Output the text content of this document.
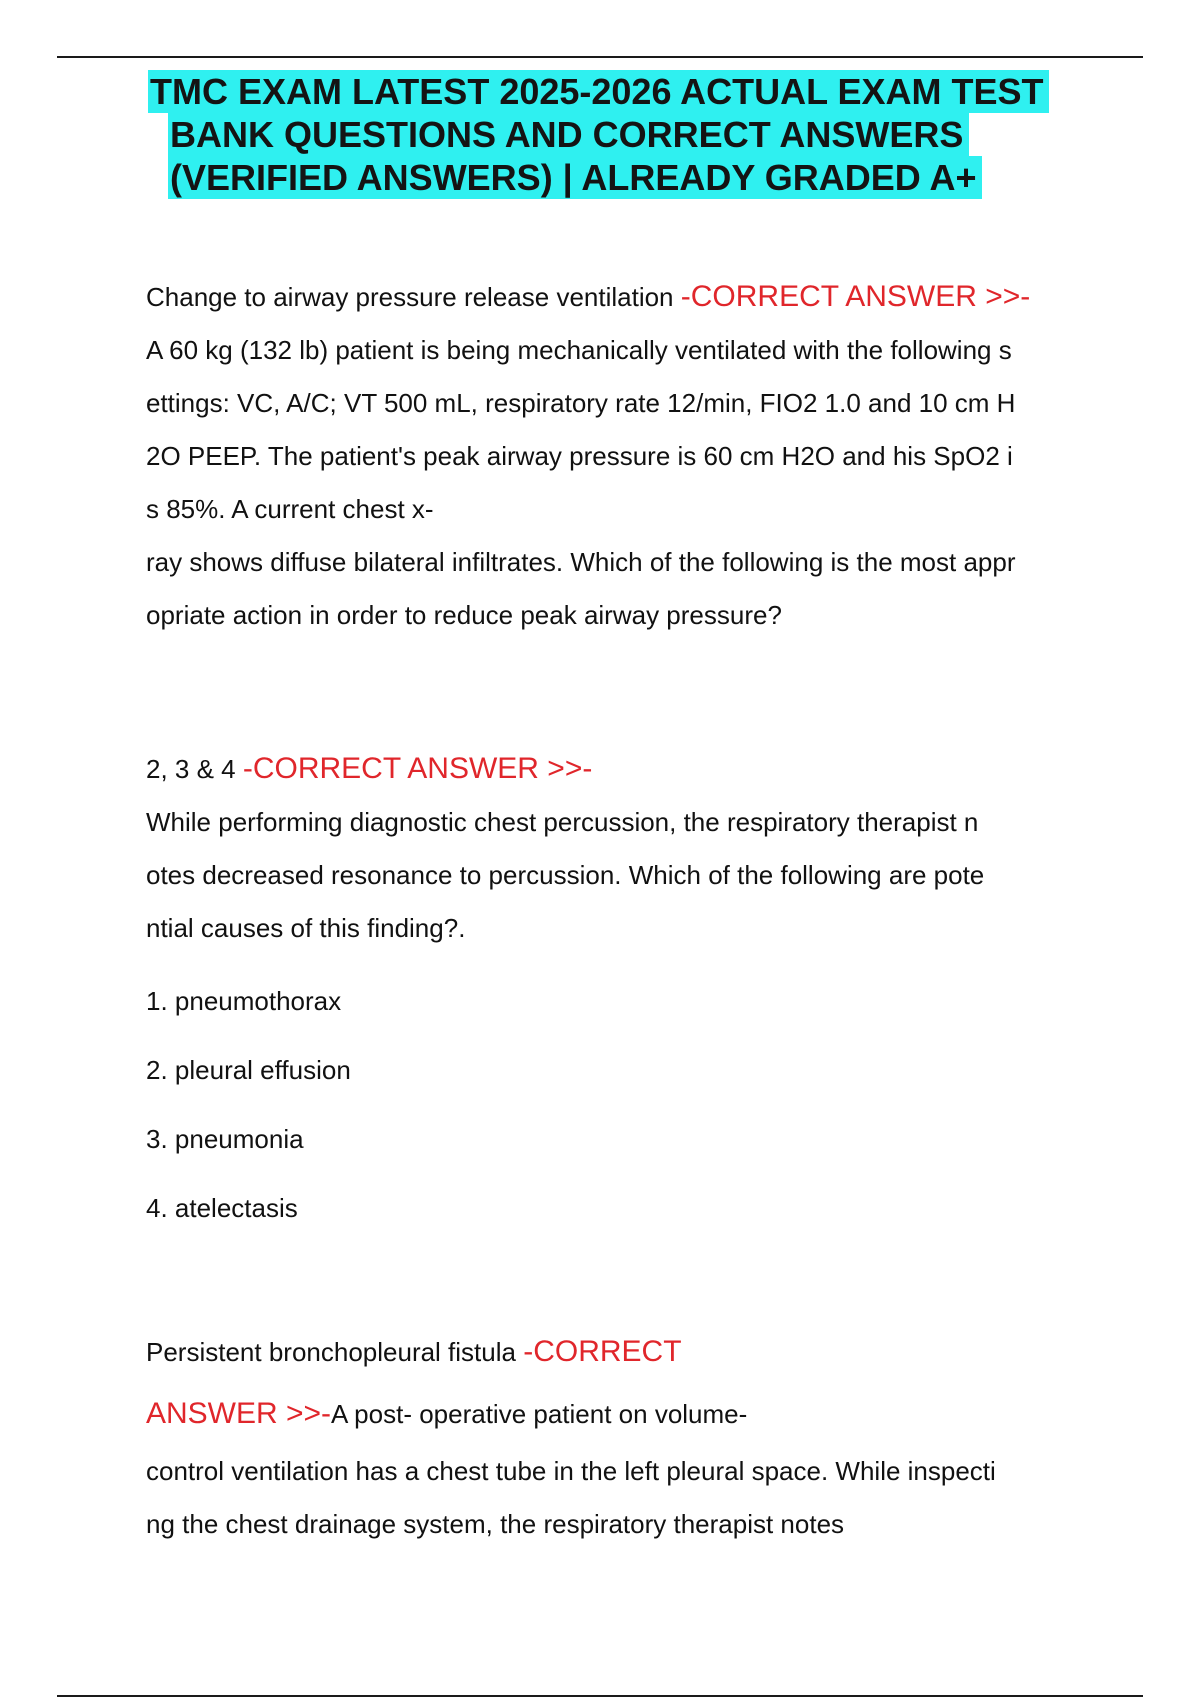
TMC EXAM LATEST 2025-2026 ACTUAL EXAM TEST
BANK QUESTIONS AND CORRECT ANSWERS
(VERIFIED ANSWERS) | ALREADY GRADED A+
Change to airway pressure release ventilation -CORRECT ANSWER >>-
A 60 kg (132 lb) patient is being mechanically ventilated with the following s
ettings: VC, A/C; VT 500 mL, respiratory rate 12/min, FIO2 1.0 and 10 cm H
2O PEEP. The patient's peak airway pressure is 60 cm H2O and his SpO2 i
s 85%. A current chest x-
ray shows diffuse bilateral infiltrates. Which of the following is the most appr
opriate action in order to reduce peak airway pressure?
2, 3 & 4 -CORRECT ANSWER >>-
While performing diagnostic chest percussion, the respiratory therapist n
otes decreased resonance to percussion. Which of the following are pote
ntial causes of this finding?.
1. pneumothorax
2. pleural effusion
3. pneumonia
4. atelectasis
Persistent bronchopleural fistula -CORRECT
ANSWER >>-A post- operative patient on volume-
control ventilation has a chest tube in the left pleural space. While inspecti
ng the chest drainage system, the respiratory therapist notes
